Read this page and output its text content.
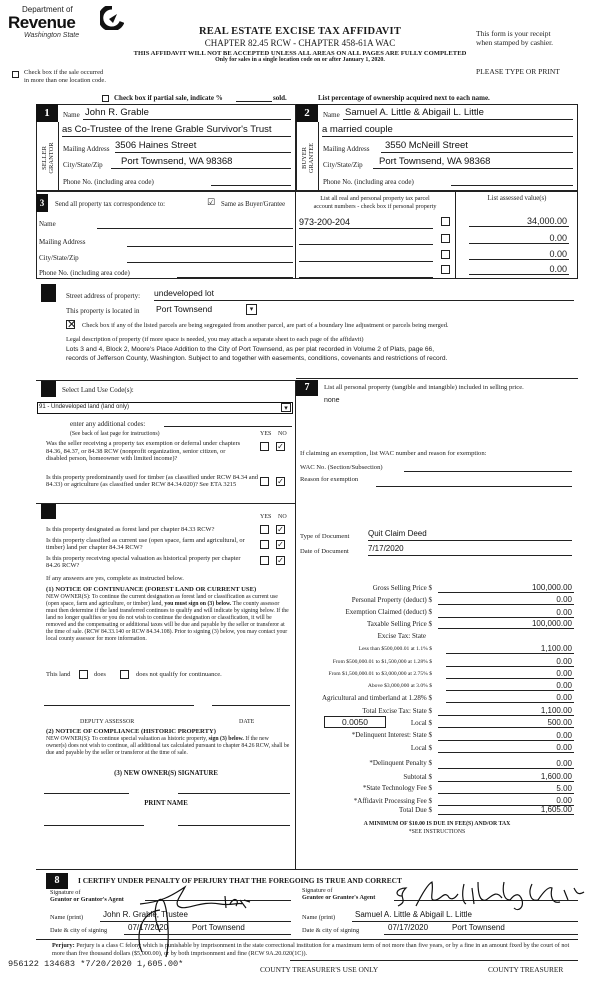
Department of
Revenue
Washington State	REAL ESTATE EXCISE TAX AFFIDAVIT
CHAPTER 82.45 RCW - CHAPTER 458-61A WAC
THIS AFFIDAVIT WILL NOT BE ACCEPTED UNLESS ALL AREAS ON ALL PAGES ARE FULLY COMPLETED
Only for sales in a single location code on or after January 1, 2020.
This form is your receipt
when stamped by cashier.
PLEASE TYPE OR PRINT
Check box if the sale occurred
in more than one location code.
Check box if partial sale, indicate %	sold.	List percentage of ownership acquired next to each name.
1
SELLER GRANTOR
Name John R. Grable
as Co-Trustee of the Irene Grable Survivor's Trust
Mailing Address 3506 Haines Street
City/State/Zip	Port Townsend, WA 98368
Phone No. (including area code)
2
BUYER GRANTEE
Name Samuel A. Little & Abigail L. Little
a married couple
Mailing Address	3550 McNeill Street
City/State/Zip	Port Townsend, WA 98368
Phone No. (including area code)
3	Send all property tax correspondence to:	☑ Same as Buyer/Grantee
List all real and personal property tax parcel
account numbers - check box if personal property
List assessed value(s)
Name
Mailing Address
City/State/Zip
Phone No. (including area code)
973-200-204	34,000.00
0.00
0.00
0.00
4	Street address of property: undeveloped lot
This property is located in Port Townsend	▾
✕ Check box if any of the listed parcels are being segregated from another parcel, are part of a boundary line adjustment or parcels being merged.
Legal description of property (if more space is needed, you may attach a separate sheet to each page of the affidavit)
Lots 3 and 4, Block 2, Moore's Place Addition to the City of Port Townsend, as per plat recorded in Volume 2 of Plats, page 66,
records of Jefferson County, Washington. Subject to and together with easements, conditions, covenants and restrictions of record.
5	Select Land Use Code(s):
91 - Undeveloped land (land only)	▾
enter any additional codes:
(See back of last page for instructions)	YES NO
Was the seller receiving a property tax exemption or deferral under chapters 84.36, 84.37, or 84.38 RCW (nonprofit organization, senior citizen, or disabled person, homeowner with limited income)?
✓
Is this property predominantly used for timber (as classified under RCW 84.34 and 84.33) or agriculture (as classified under RCW 84.34.020)? See ETA 3215	✓
6
YES NO
Is this property designated as forest land per chapter 84.33 RCW?	✓
Is this property classified as current use (open space, farm and agricultural, or timber) land per chapter 84.34 RCW?	✓
Is this property receiving special valuation as historical property per chapter 84.26 RCW?
✓
If any answers are yes, complete as instructed below.
(1) NOTICE OF CONTINUANCE (FOREST LAND OR CURRENT USE)
NEW OWNER(S): To continue the current designation as forest land or classification as current use (open space, farm and agriculture, or timber) land, you must sign on (3) below. The county assessor must then determine if the land transferred continues to qualify and will indicate by signing below. If the land no longer qualifies or you do not wish to continue the designation or classification, it will be removed and the compensating or additional taxes will be due and payable by the seller or transferor at the time of sale. (RCW 84.33.140 or RCW 84.34.108). Prior to signing (3) below, you may contact your local county assessor for more information.
This land	does	does not qualify for continuance.
DEPUTY ASSESSOR	DATE
(2) NOTICE OF COMPLIANCE (HISTORIC PROPERTY)
NEW OWNER(S): To continue special valuation as historic property, sign (3) below. If the new owner(s) does not wish to continue, all additional tax calculated pursuant to chapter 84.26 RCW, shall be due and payable by the seller or transferor at the time of sale.
(3) NEW OWNER(S) SIGNATURE
PRINT NAME
7	List all personal property (tangible and intangible) included in selling price.
none
If claiming an exemption, list WAC number and reason for exemption:
WAC No. (Section/Subsection)
Reason for exemption
Type of Document Quit Claim Deed
Date of Document 7/17/2020
Gross Selling Price $	100,000.00
Personal Property (deduct) $	0.00
Exemption Claimed (deduct) $	0.00
Taxable Selling Price $	100,000.00
Excise Tax: State
Less than $500,000.01 at 1.1% $	1,100.00
From $500,000.01 to $1,500,000 at 1.28% $	0.00
From $1,500,000.01 to $3,000,000 at 2.75% $	0.00
Above $3,000,000 at 3.0% $	0.00
Agricultural and timberland at 1.28% $	0.00
Total Excise Tax: State $	1,100.00
0.0050	Local $	500.00
*Delinquent Interest: State $	0.00
Local $	0.00
*Delinquent Penalty $	0.00
Subtotal $	1,600.00
*State Technology Fee $	5.00
*Affidavit Processing Fee $	0.00
Total Due $	1,605.00
A MINIMUM OF $10.00 IS DUE IN FEE(S) AND/OR TAX
*SEE INSTRUCTIONS
8	I CERTIFY UNDER PENALTY OF PERJURY THAT THE FOREGOING IS TRUE AND CORRECT
Signature of
Grantor or Grantor's Agent
Name (print)	John R. Grable, Trustee
Date & city of signing	07/17/2020	Port Townsend
Signature of
Grantee or Grantee's Agent
Name (print)	Samuel A. Little & Abigail L. Little
Date & city of signing	07/17/2020	Port Townsend
Perjury: Perjury is a class C felony which is punishable by imprisonment in the state correctional institution for a maximum term of not more than five years, or by a fine in an amount fixed by the court of not more than five thousand dollars ($5,000.00), or by both imprisonment and fine (RCW 9A.20.020(1C)).
956122 134683 *7/20/2020 1,605.00*
COUNTY TREASURER'S USE ONLY	COUNTY TREASURER
